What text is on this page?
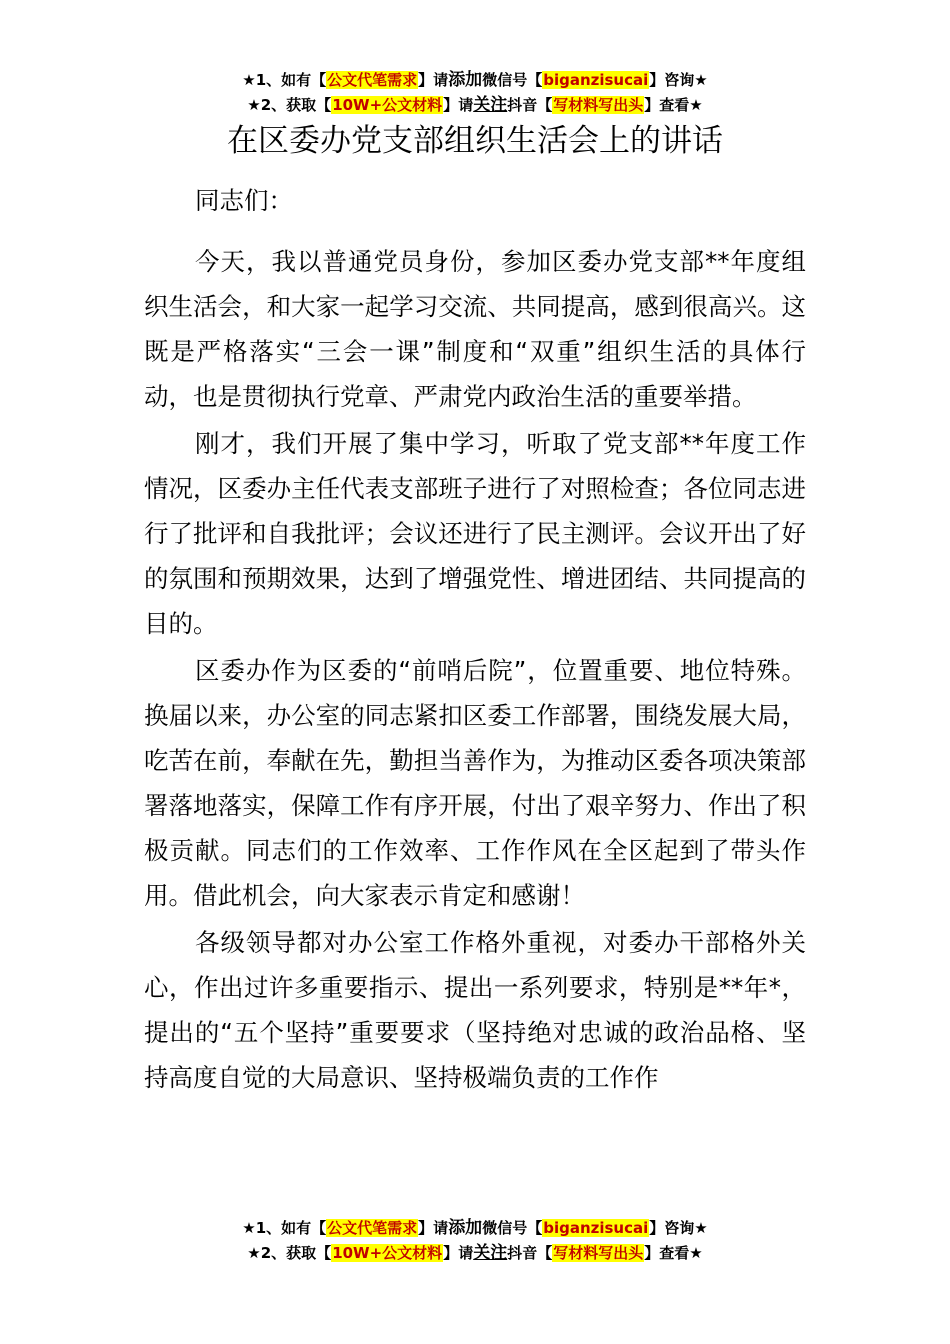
★1、如有【公文代笔需求】请添加微信号【biganzisucai】咨询★
★2、获取【10W+公文材料】请关注抖音【写材料写出头】查看★
在区委办党支部组织生活会上的讲话

同志们：

今天，我以普通党员身份，参加区委办党支部**年度组织生活会，和大家一起学习交流、共同提高，感到很高兴。这既是严格落实“三会一课”制度和“双重”组织生活的具体行动，也是贯彻执行党章、严肃党内政治生活的重要举措。

刚才，我们开展了集中学习，听取了党支部**年度工作情况，区委办主任代表支部班子进行了对照检查；各位同志进行了批评和自我批评；会议还进行了民主测评。会议开出了好的氛围和预期效果，达到了增强党性、增进团结、共同提高的目的。

区委办作为区委的“前哨后院”，位置重要、地位特殊。换届以来，办公室的同志紧扣区委工作部署，围绕发展大局，吃苦在前，奉献在先，勤担当善作为，为推动区委各项决策部署落地落实，保障工作有序开展，付出了艰辛努力、作出了积极贡献。同志们的工作效率、工作作风在全区起到了带头作用。借此机会，向大家表示肯定和感谢！

各级领导都对办公室工作格外重视，对委办干部格外关心，作出过许多重要指示、提出一系列要求，特别是**年*，提出的“五个坚持”重要要求（坚持绝对忠诚的政治品格、坚持高度自觉的大局意识、坚持极端负责的工作作

★1、如有【公文代笔需求】请添加微信号【biganzisucai】咨询★
★2、获取【10W+公文材料】请关注抖音【写材料写出头】查看★
